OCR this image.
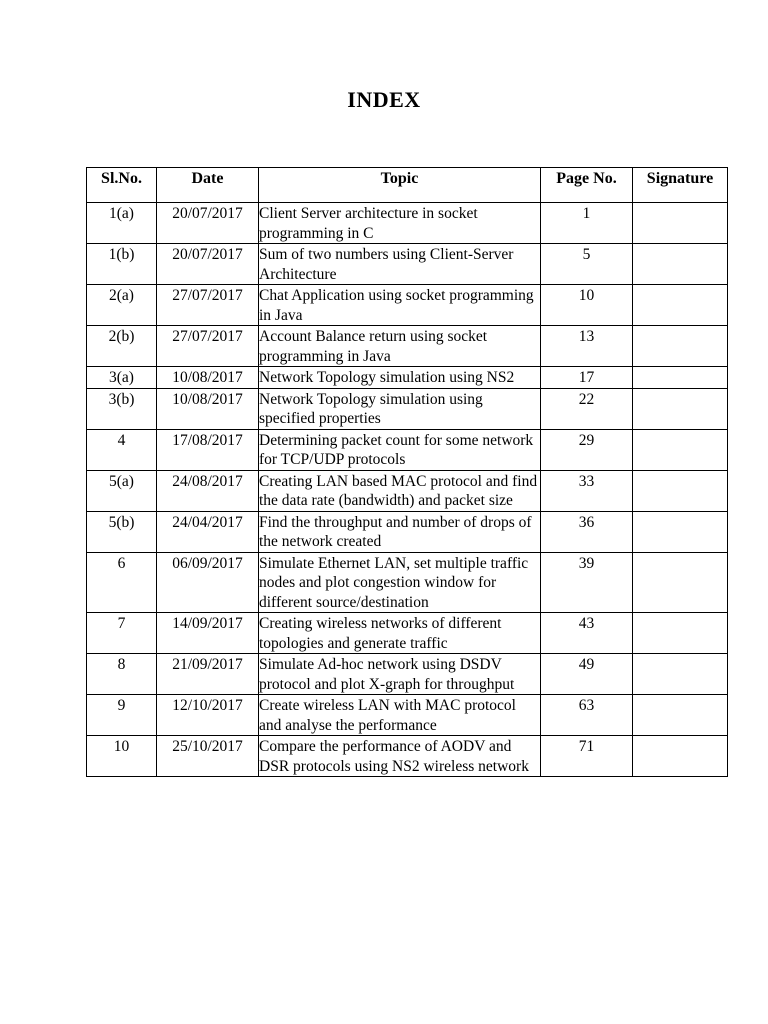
INDEX
Sl.No.	Date	Topic	Page No.	Signature
1(a)	20/07/2017	Client Server architecture in socket programming in C	1	
1(b)	20/07/2017	Sum of two numbers using Client-Server Architecture	5	
2(a)	27/07/2017	Chat Application using socket programming in Java	10	
2(b)	27/07/2017	Account Balance return using socket programming in Java	13	
3(a)	10/08/2017	Network Topology simulation using NS2	17	
3(b)	10/08/2017	Network Topology simulation using specified properties	22	
4	17/08/2017	Determining packet count for some network for TCP/UDP protocols	29	
5(a)	24/08/2017	Creating LAN based MAC protocol and find the data rate (bandwidth) and packet size	33	
5(b)	24/04/2017	Find the throughput and number of drops of the network created	36	
6	06/09/2017	Simulate Ethernet LAN, set multiple traffic nodes and plot congestion window for different source/destination	39	
7	14/09/2017	Creating wireless networks of different topologies and generate traffic	43	
8	21/09/2017	Simulate Ad-hoc network using DSDV protocol and plot X-graph for throughput	49	
9	12/10/2017	Create wireless LAN with MAC protocol and analyse the performance	63	
10	25/10/2017	Compare the performance of AODV and DSR protocols using NS2 wireless network	71	
